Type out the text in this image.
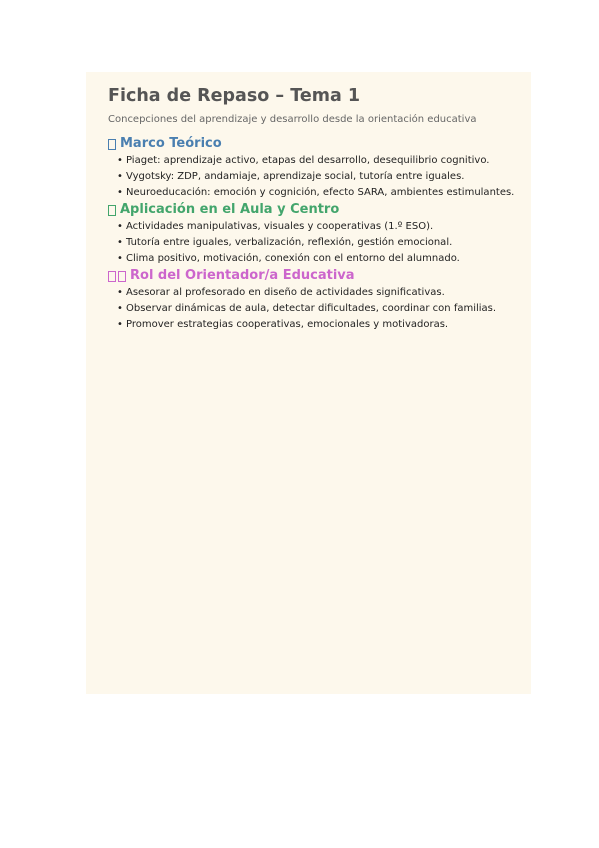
Ficha de Repaso – Tema 1
Concepciones del aprendizaje y desarrollo desde la orientación educativa
Marco Teórico
• Piaget: aprendizaje activo, etapas del desarrollo, desequilibrio cognitivo.
• Vygotsky: ZDP, andamiaje, aprendizaje social, tutoría entre iguales.
• Neuroeducación: emoción y cognición, efecto SARA, ambientes estimulantes.
Aplicación en el Aula y Centro
• Actividades manipulativas, visuales y cooperativas (1.º ESO).
• Tutoría entre iguales, verbalización, reflexión, gestión emocional.
• Clima positivo, motivación, conexión con el entorno del alumnado.
Rol del Orientador/a Educativa
• Asesorar al profesorado en diseño de actividades significativas.
• Observar dinámicas de aula, detectar dificultades, coordinar con familias.
• Promover estrategias cooperativas, emocionales y motivadoras.
